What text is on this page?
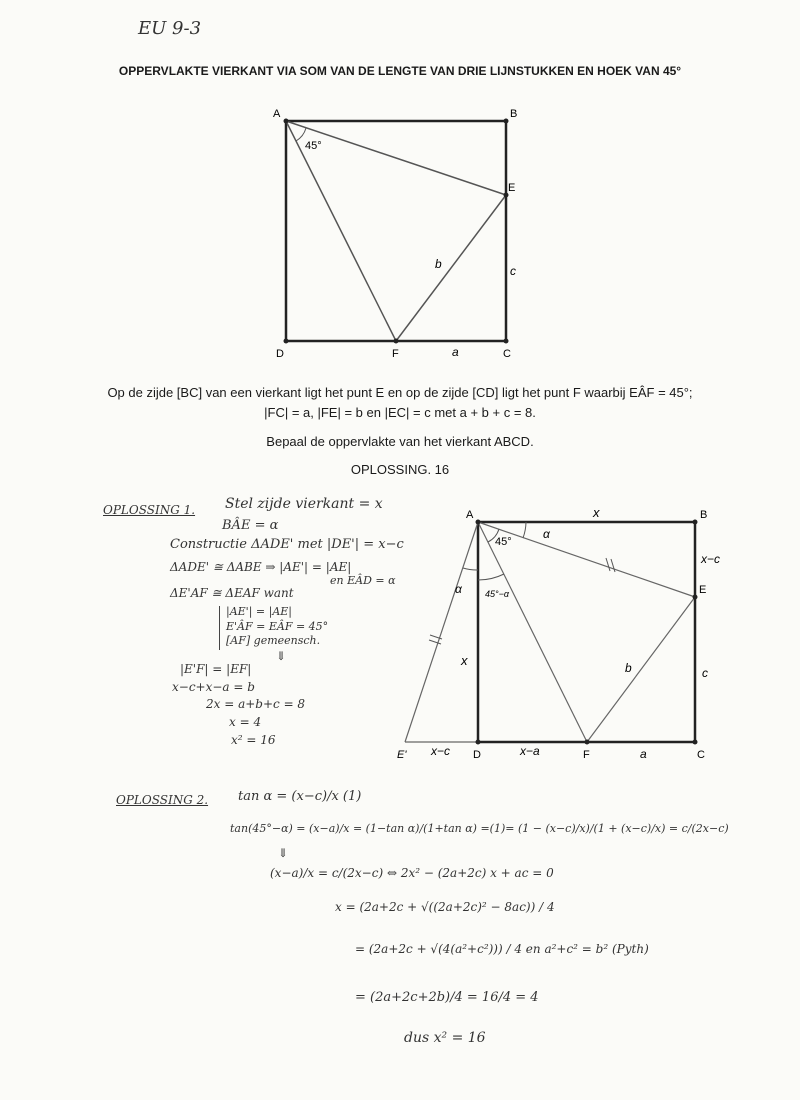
EU 9-3
OPPERVLAKTE VIERKANT VIA SOM VAN DE LENGTE VAN DRIE LIJNSTUKKEN EN HOEK VAN 45°
A	B
C
D
E
F
45°
b	c
a
Op de zijde [BC] van een vierkant ligt het punt E en op de zijde [CD] ligt het punt F waarbij EÂF = 45°;
|FC| = a, |FE| = b en |EC| = c met a + b + c = 8.
Bepaal de oppervlakte van het vierkant ABCD.
OPLOSSING. 16
OPLOSSING 1. Stel zijde vierkant = x
BÂE = α
Constructie ΔADE' met |DE'| = x−c
ΔADE' ≅ ΔABE ⇒ |AE'| = |AE|
en EÂD = α
ΔE'AF ≅ ΔEAF want
|AE'| = |AE|
E'ÂF = EÂF = 45°
[AF] gemeensch.
⇓
|E'F| = |EF|
x−c+x−a = b
2x = a+b+c = 8
x = 4
x² = 16
A	B
C
D
E
F
E'
x
x−c
c
b
x
x−c	x−a	a
45°
α
α	45°−α
OPLOSSING 2. tan α = (x−c)/x (1)
tan(45°−α) = (x−a)/x = (1−tan α)/(1+tan α) =(1)= (1 − (x−c)/x)/(1 + (x−c)/x) = c/(2x−c)
⇓
(x−a)/x = c/(2x−c) ⇔ 2x² − (2a+2c) x + ac = 0
x = (2a+2c + √((2a+2c)² − 8ac)) / 4
= (2a+2c + √(4(a²+c²))) / 4 en a²+c² = b² (Pyth)
= (2a+2c+2b)/4 = 16/4 = 4
dus x² = 16
